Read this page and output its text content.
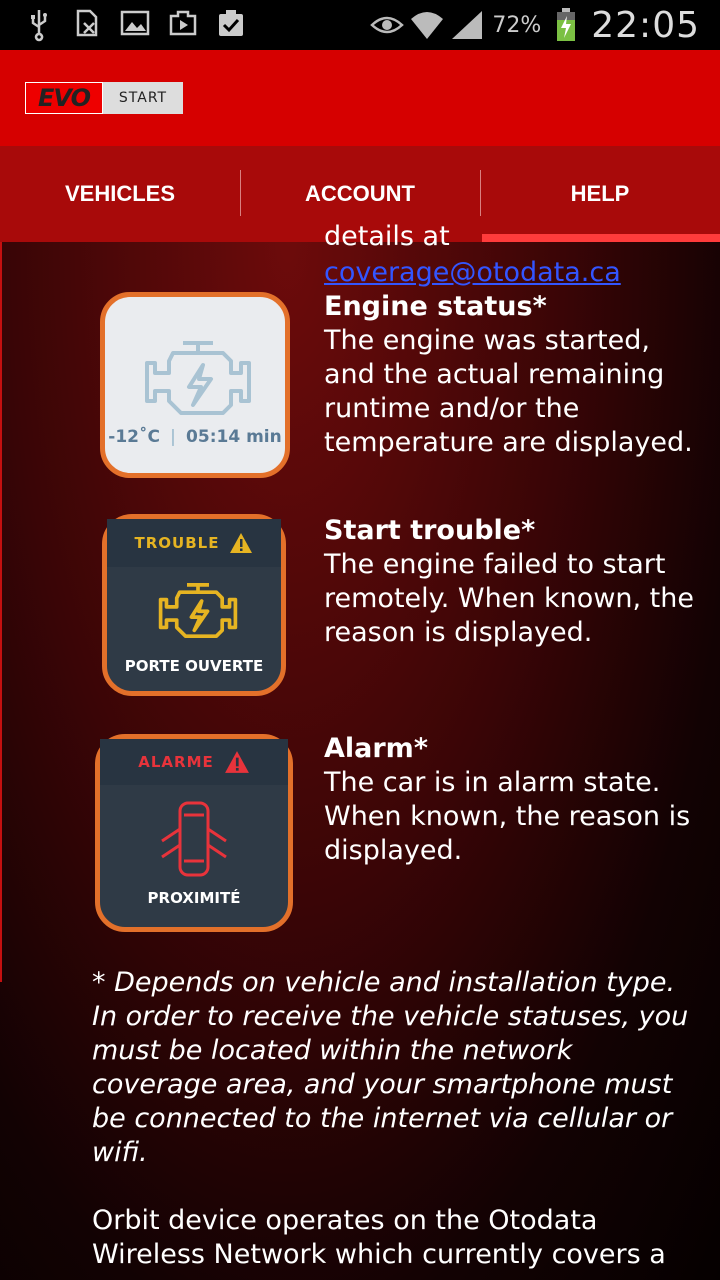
72% 22:05
EVO	START
VEHICLES	ACCOUNT	HELP
details at
coverage@otodata.ca
-12˚C | 05:14 min
Engine status*
The engine was started, and the actual remaining runtime and/or the temperature are displayed.
TROUBLE
PORTE OUVERTE
Start trouble*
The engine failed to start remotely. When known, the reason is displayed.
ALARME
PROXIMITÉ
Alarm*
The car is in alarm state. When known, the reason is displayed.
* Depends on vehicle and installation type. In order to receive the vehicle statuses, you must be located within the network coverage area, and your smartphone must be connected to the internet via cellular or wifi.
Orbit device operates on the Otodata Wireless Network which currently covers a
